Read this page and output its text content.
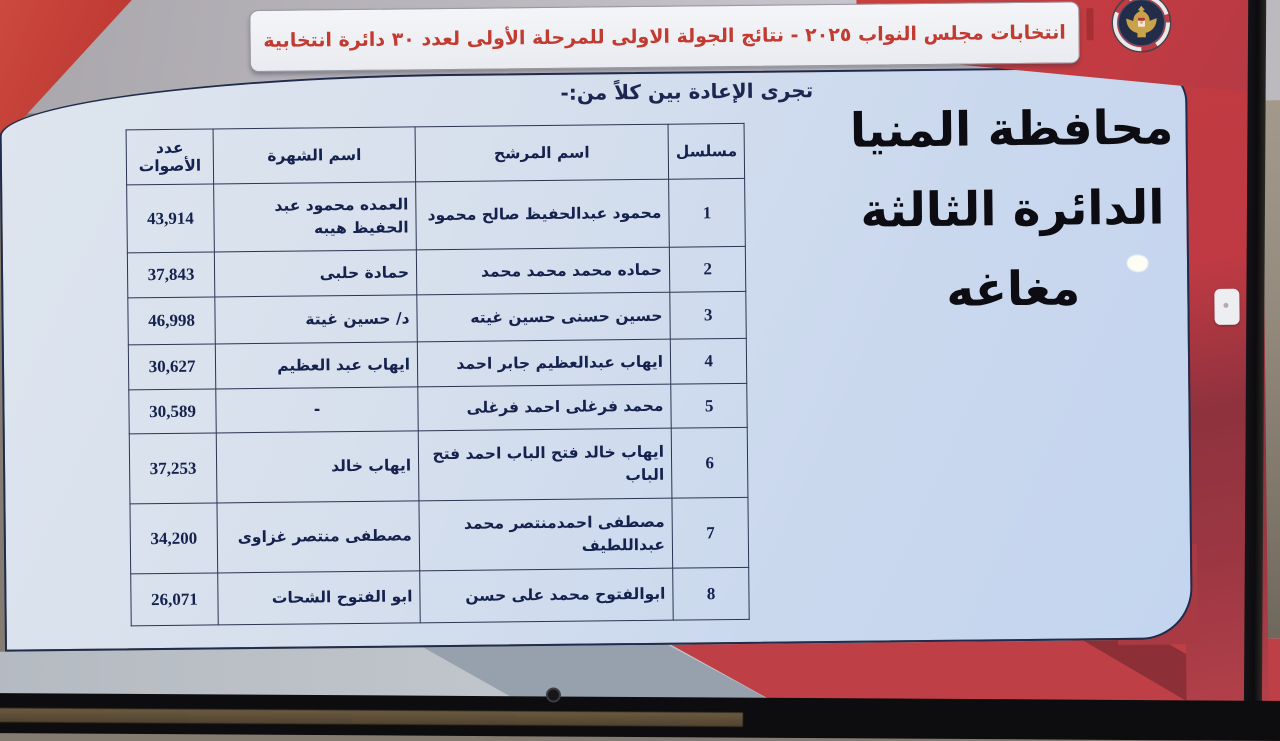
انتخابات مجلس النواب ٢٠٢٥ - نتائج الجولة الاولى للمرحلة الأولى لعدد ٣٠ دائرة انتخابية
تجرى الإعادة بين كلاً من:-
مسلسل	اسم المرشح	اسم الشهرة	عدد الأصوات
1	محمود عبدالحفيظ صالح محمود	العمده محمود عبد الحفيظ هيبه	43,914
2	حماده محمد محمد محمد	حمادة حلبى	37,843
3	حسين حسنى حسين غيته	د/ حسين غيتة	46,998
4	ايهاب عبدالعظيم جابر احمد	ايهاب عبد العظيم	30,627
5	محمد فرغلى احمد فرغلى	-	30,589
6	ايهاب خالد فتح الباب احمد فتح الباب	ايهاب خالد	37,253
7	مصطفى احمدمنتصر محمد عبداللطيف	مصطفى منتصر غزاوى	34,200
8	ابوالفتوح محمد على حسن	ابو الفتوح الشحات	26,071
محافظة المنيا
الدائرة الثالثة
مغاغه
